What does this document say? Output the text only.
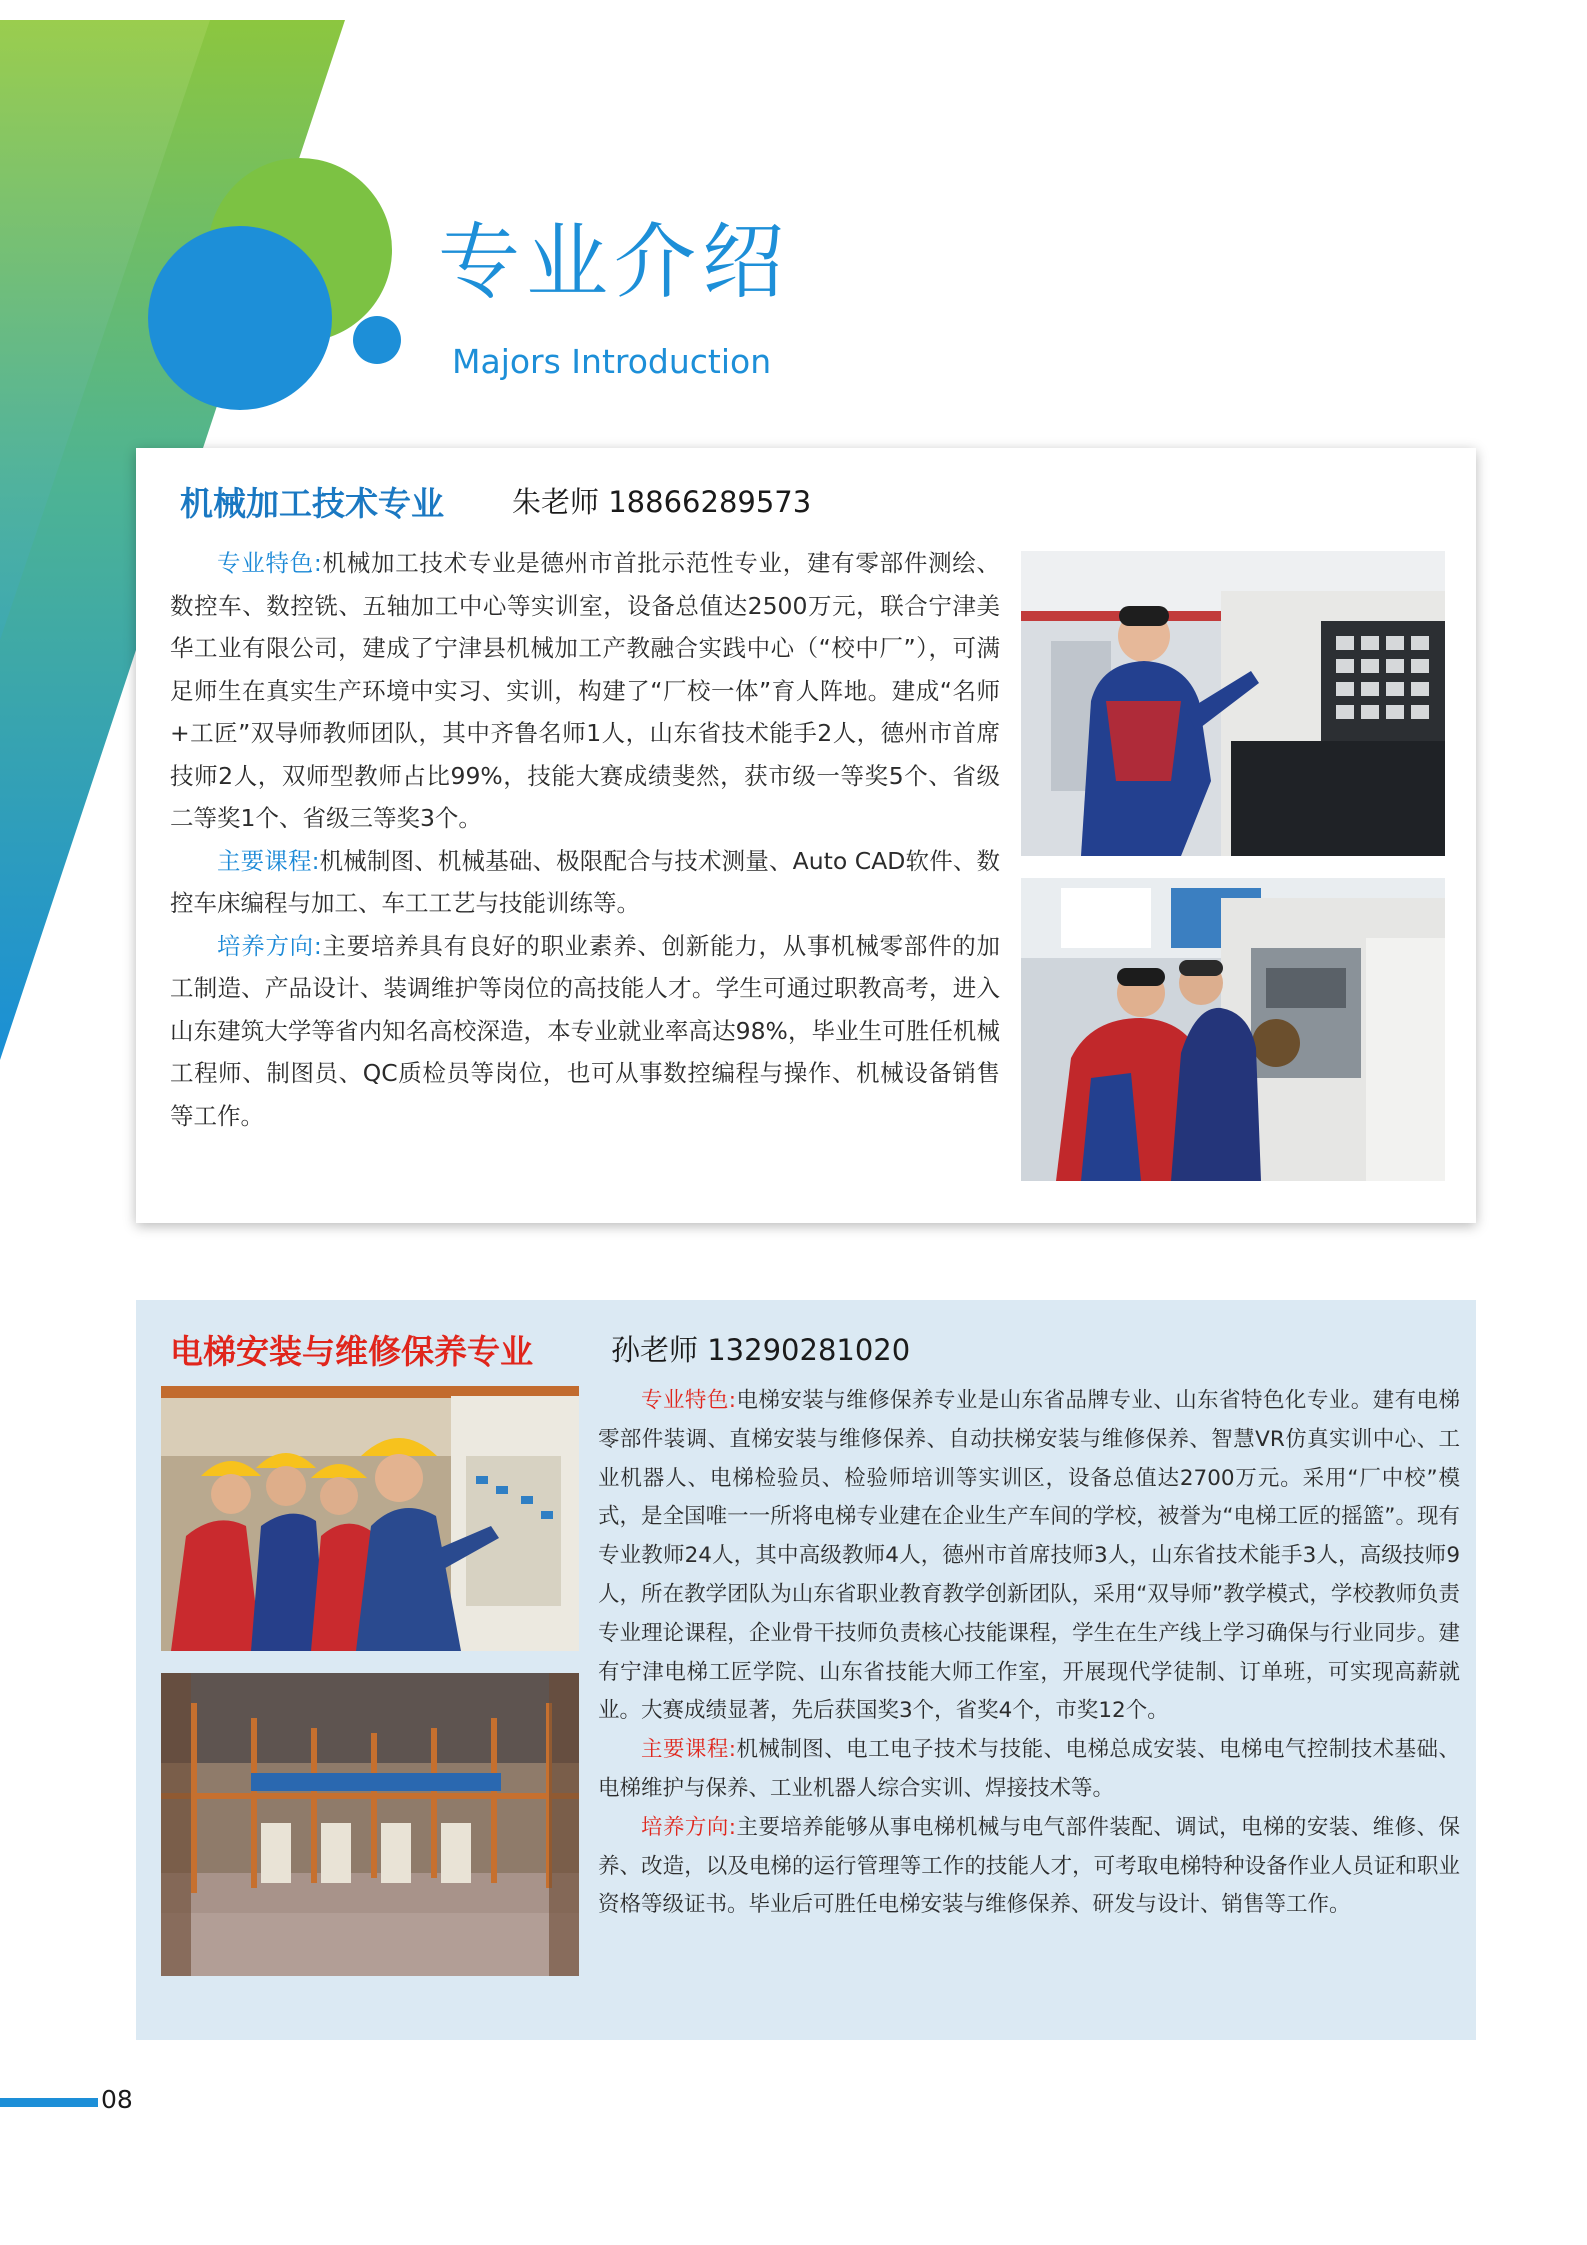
专业介绍
Majors Introduction
机械加工技术专业 朱老师 18866289573

专业特色:机械加工技术专业是德州市首批示范性专业，建有零部件测绘、数控车、数控铣、五轴加工中心等实训室，设备总值达2500万元，联合宁津美华工业有限公司，建成了宁津县机械加工产教融合实践中心（“校中厂”），可满足师生在真实生产环境中实习、实训，构建了“厂校一体”育人阵地。建成“名师+工匠”双导师教师团队，其中齐鲁名师1人，山东省技术能手2人，德州市首席技师2人，双师型教师占比99%，技能大赛成绩斐然，获市级一等奖5个、省级二等奖1个、省级三等奖3个。

主要课程:机械制图、机械基础、极限配合与技术测量、Auto CAD软件、数控车床编程与加工、车工工艺与技能训练等。

培养方向:主要培养具有良好的职业素养、创新能力，从事机械零部件的加工制造、产品设计、装调维护等岗位的高技能人才。学生可通过职教高考，进入山东建筑大学等省内知名高校深造，本专业就业率高达98%，毕业生可胜任机械工程师、制图员、QC质检员等岗位，也可从事数控编程与操作、机械设备销售等工作。

电梯安装与维修保养专业	孙老师 13290281020

专业特色:电梯安装与维修保养专业是山东省品牌专业、山东省特色化专业。建有电梯零部件装调、直梯安装与维修保养、自动扶梯安装与维修保养、智慧VR仿真实训中心、工业机器人、电梯检验员、检验师培训等实训区，设备总值达2700万元。采用“厂中校”模式，是全国唯一一所将电梯专业建在企业生产车间的学校，被誉为“电梯工匠的摇篮”。现有专业教师24人，其中高级教师4人，德州市首席技师3人，山东省技术能手3人，高级技师9人，所在教学团队为山东省职业教育教学创新团队，采用“双导师”教学模式，学校教师负责专业理论课程，企业骨干技师负责核心技能课程，学生在生产线上学习确保与行业同步。建有宁津电梯工匠学院、山东省技能大师工作室，开展现代学徒制、订单班，可实现高薪就业。大赛成绩显著，先后获国奖3个，省奖4个，市奖12个。

主要课程:机械制图、电工电子技术与技能、电梯总成安装、电梯电气控制技术基础、电梯维护与保养、工业机器人综合实训、焊接技术等。

培养方向:主要培养能够从事电梯机械与电气部件装配、调试，电梯的安装、维修、保养、改造，以及电梯的运行管理等工作的技能人才，可考取电梯特种设备作业人员证和职业资格等级证书。毕业后可胜任电梯安装与维修保养、研发与设计、销售等工作。

08
